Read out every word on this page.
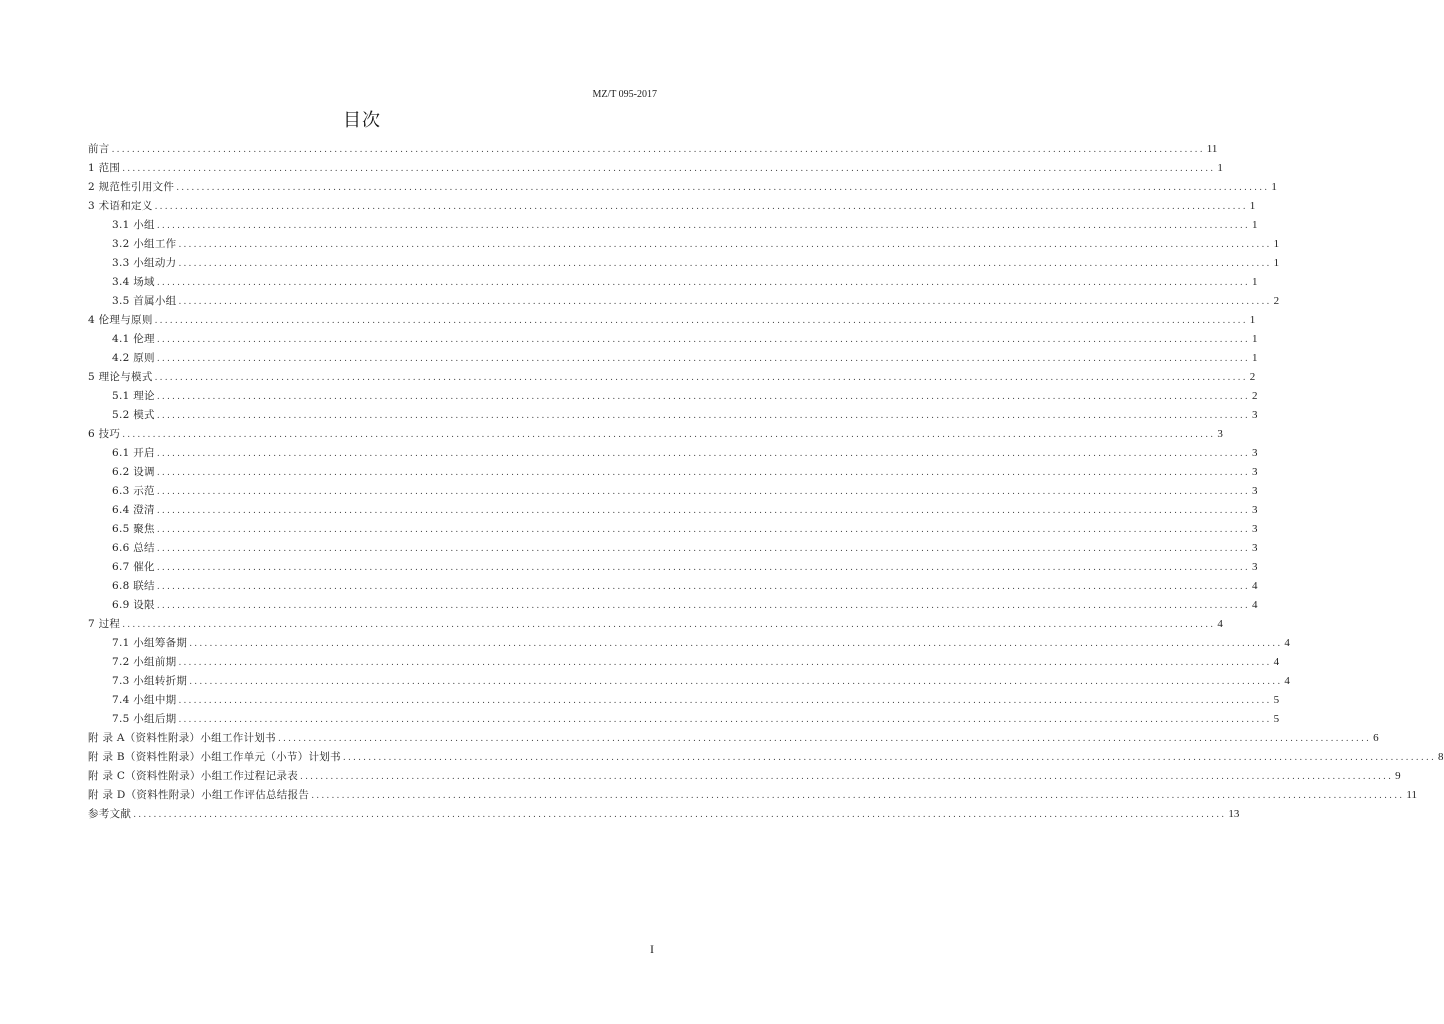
MZ/T 095-2017
目次
前言 ........................................................................................................................................................................................................................ 11
1 范围 ........................................................................................................................................................................................................................ 1
2 规范性引用文件 ........................................................................................................................................................................................................................ 1
3 术语和定义 ........................................................................................................................................................................................................................ 1
3.1 小组 ........................................................................................................................................................................................................................ 1
3.2 小组工作 ........................................................................................................................................................................................................................ 1
3.3 小组动力 ........................................................................................................................................................................................................................ 1
3.4 场域 ........................................................................................................................................................................................................................ 1
3.5 首属小组 ........................................................................................................................................................................................................................ 2
4 伦理与原则 ........................................................................................................................................................................................................................ 1
4.1 伦理 ........................................................................................................................................................................................................................ 1
4.2 原则 ........................................................................................................................................................................................................................ 1
5 理论与模式 ........................................................................................................................................................................................................................ 2
5.1 理论 ........................................................................................................................................................................................................................ 2
5.2 模式 ........................................................................................................................................................................................................................ 3
6 技巧 ........................................................................................................................................................................................................................ 3
6.1 开启 ........................................................................................................................................................................................................................ 3
6.2 设调 ........................................................................................................................................................................................................................ 3
6.3 示范 ........................................................................................................................................................................................................................ 3
6.4 澄清 ........................................................................................................................................................................................................................ 3
6.5 聚焦 ........................................................................................................................................................................................................................ 3
6.6 总结 ........................................................................................................................................................................................................................ 3
6.7 催化 ........................................................................................................................................................................................................................ 3
6.8 联结 ........................................................................................................................................................................................................................ 4
6.9 设限 ........................................................................................................................................................................................................................ 4
7 过程 ........................................................................................................................................................................................................................ 4
7.1 小组筹备期 ........................................................................................................................................................................................................................ 4
7.2 小组前期 ........................................................................................................................................................................................................................ 4
7.3 小组转折期 ........................................................................................................................................................................................................................ 4
7.4 小组中期 ........................................................................................................................................................................................................................ 5
7.5 小组后期 ........................................................................................................................................................................................................................ 5
附 录 A（资料性附录）小组工作计划书 ........................................................................................................................................................................................................................ 6
附 录 B（资料性附录）小组工作单元（小节）计划书 ........................................................................................................................................................................................................................ 8
附 录 C（资料性附录）小组工作过程记录表 ........................................................................................................................................................................................................................ 9
附 录 D（资料性附录）小组工作评估总结报告 ........................................................................................................................................................................................................................ 11
参考文献 ........................................................................................................................................................................................................................ 13
I
